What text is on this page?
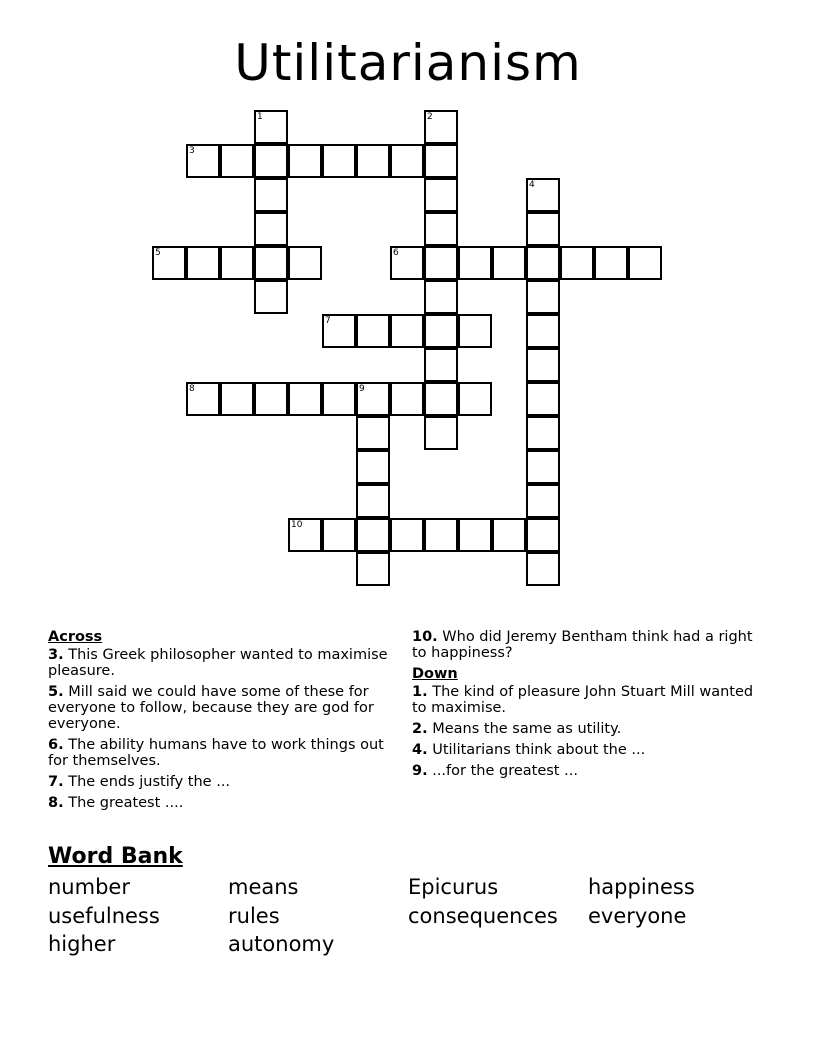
Utilitarianism
1	2
3
4
5	6
7
8	9
10
Across
3. This Greek philosopher wanted to maximise pleasure.
5. Mill said we could have some of these for everyone to follow, because they are god for everyone.
6. The ability humans have to work things out for themselves.
7. The ends justify the ...
8. The greatest ....
10. Who did Jeremy Bentham think had a right to happiness?
Down
1. The kind of pleasure John Stuart Mill wanted to maximise.
2. Means the same as utility.
4. Utilitarians think about the ...
9. ...for the greatest ...
Word Bank
number	means	Epicurus	happiness
usefulness	rules	consequences everyone
higher	autonomy
